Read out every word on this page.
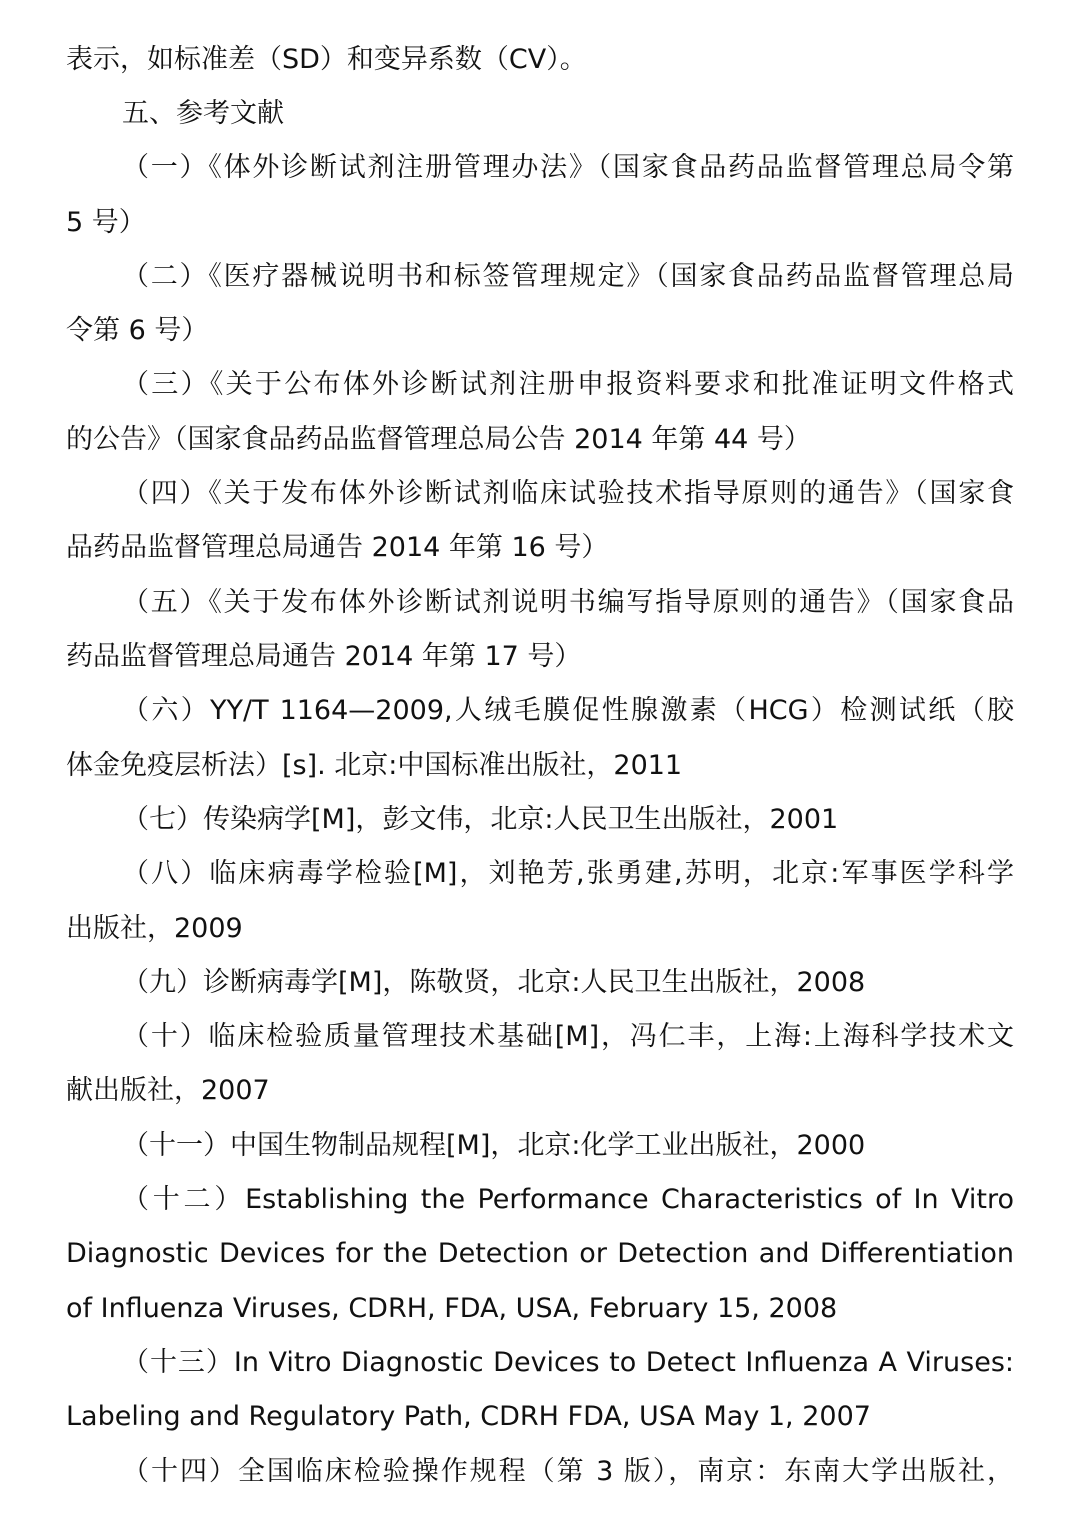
表示，如标准差（SD）和变异系数（CV）。
五、参考文献
（一）《体外诊断试剂注册管理办法》（国家食品药品监督管理总局令第
5 号）
（二）《医疗器械说明书和标签管理规定》（国家食品药品监督管理总局
令第 6 号）
（三）《关于公布体外诊断试剂注册申报资料要求和批准证明文件格式
的公告》（国家食品药品监督管理总局公告 2014 年第 44 号）
（四）《关于发布体外诊断试剂临床试验技术指导原则的通告》（国家食
品药品监督管理总局通告 2014 年第 16 号）
（五）《关于发布体外诊断试剂说明书编写指导原则的通告》（国家食品
药品监督管理总局通告 2014 年第 17 号）
（六）YY/T 1164—2009,人绒毛膜促性腺激素（HCG）检测试纸（胶
体金免疫层析法）[s]. 北京:中国标准出版社，2011
（七）传染病学[M]，彭文伟，北京:人民卫生出版社，2001
（八）临床病毒学检验[M]，刘艳芳,张勇建,苏明，北京:军事医学科学
出版社，2009
（九）诊断病毒学[M]，陈敬贤，北京:人民卫生出版社，2008
（十）临床检验质量管理技术基础[M]，冯仁丰，上海:上海科学技术文
献出版社，2007
（十一）中国生物制品规程[M]，北京:化学工业出版社，2000
（十二）Establishing the Performance Characteristics of In Vitro
Diagnostic Devices for the Detection or Detection and Differentiation
of Influenza Viruses, CDRH, FDA, USA, February 15, 2008
（十三）In Vitro Diagnostic Devices to Detect Influenza A Viruses:
Labeling and Regulatory Path, CDRH FDA, USA May 1, 2007
（十四）全国临床检验操作规程（第 3 版），南京：东南大学出版社，
